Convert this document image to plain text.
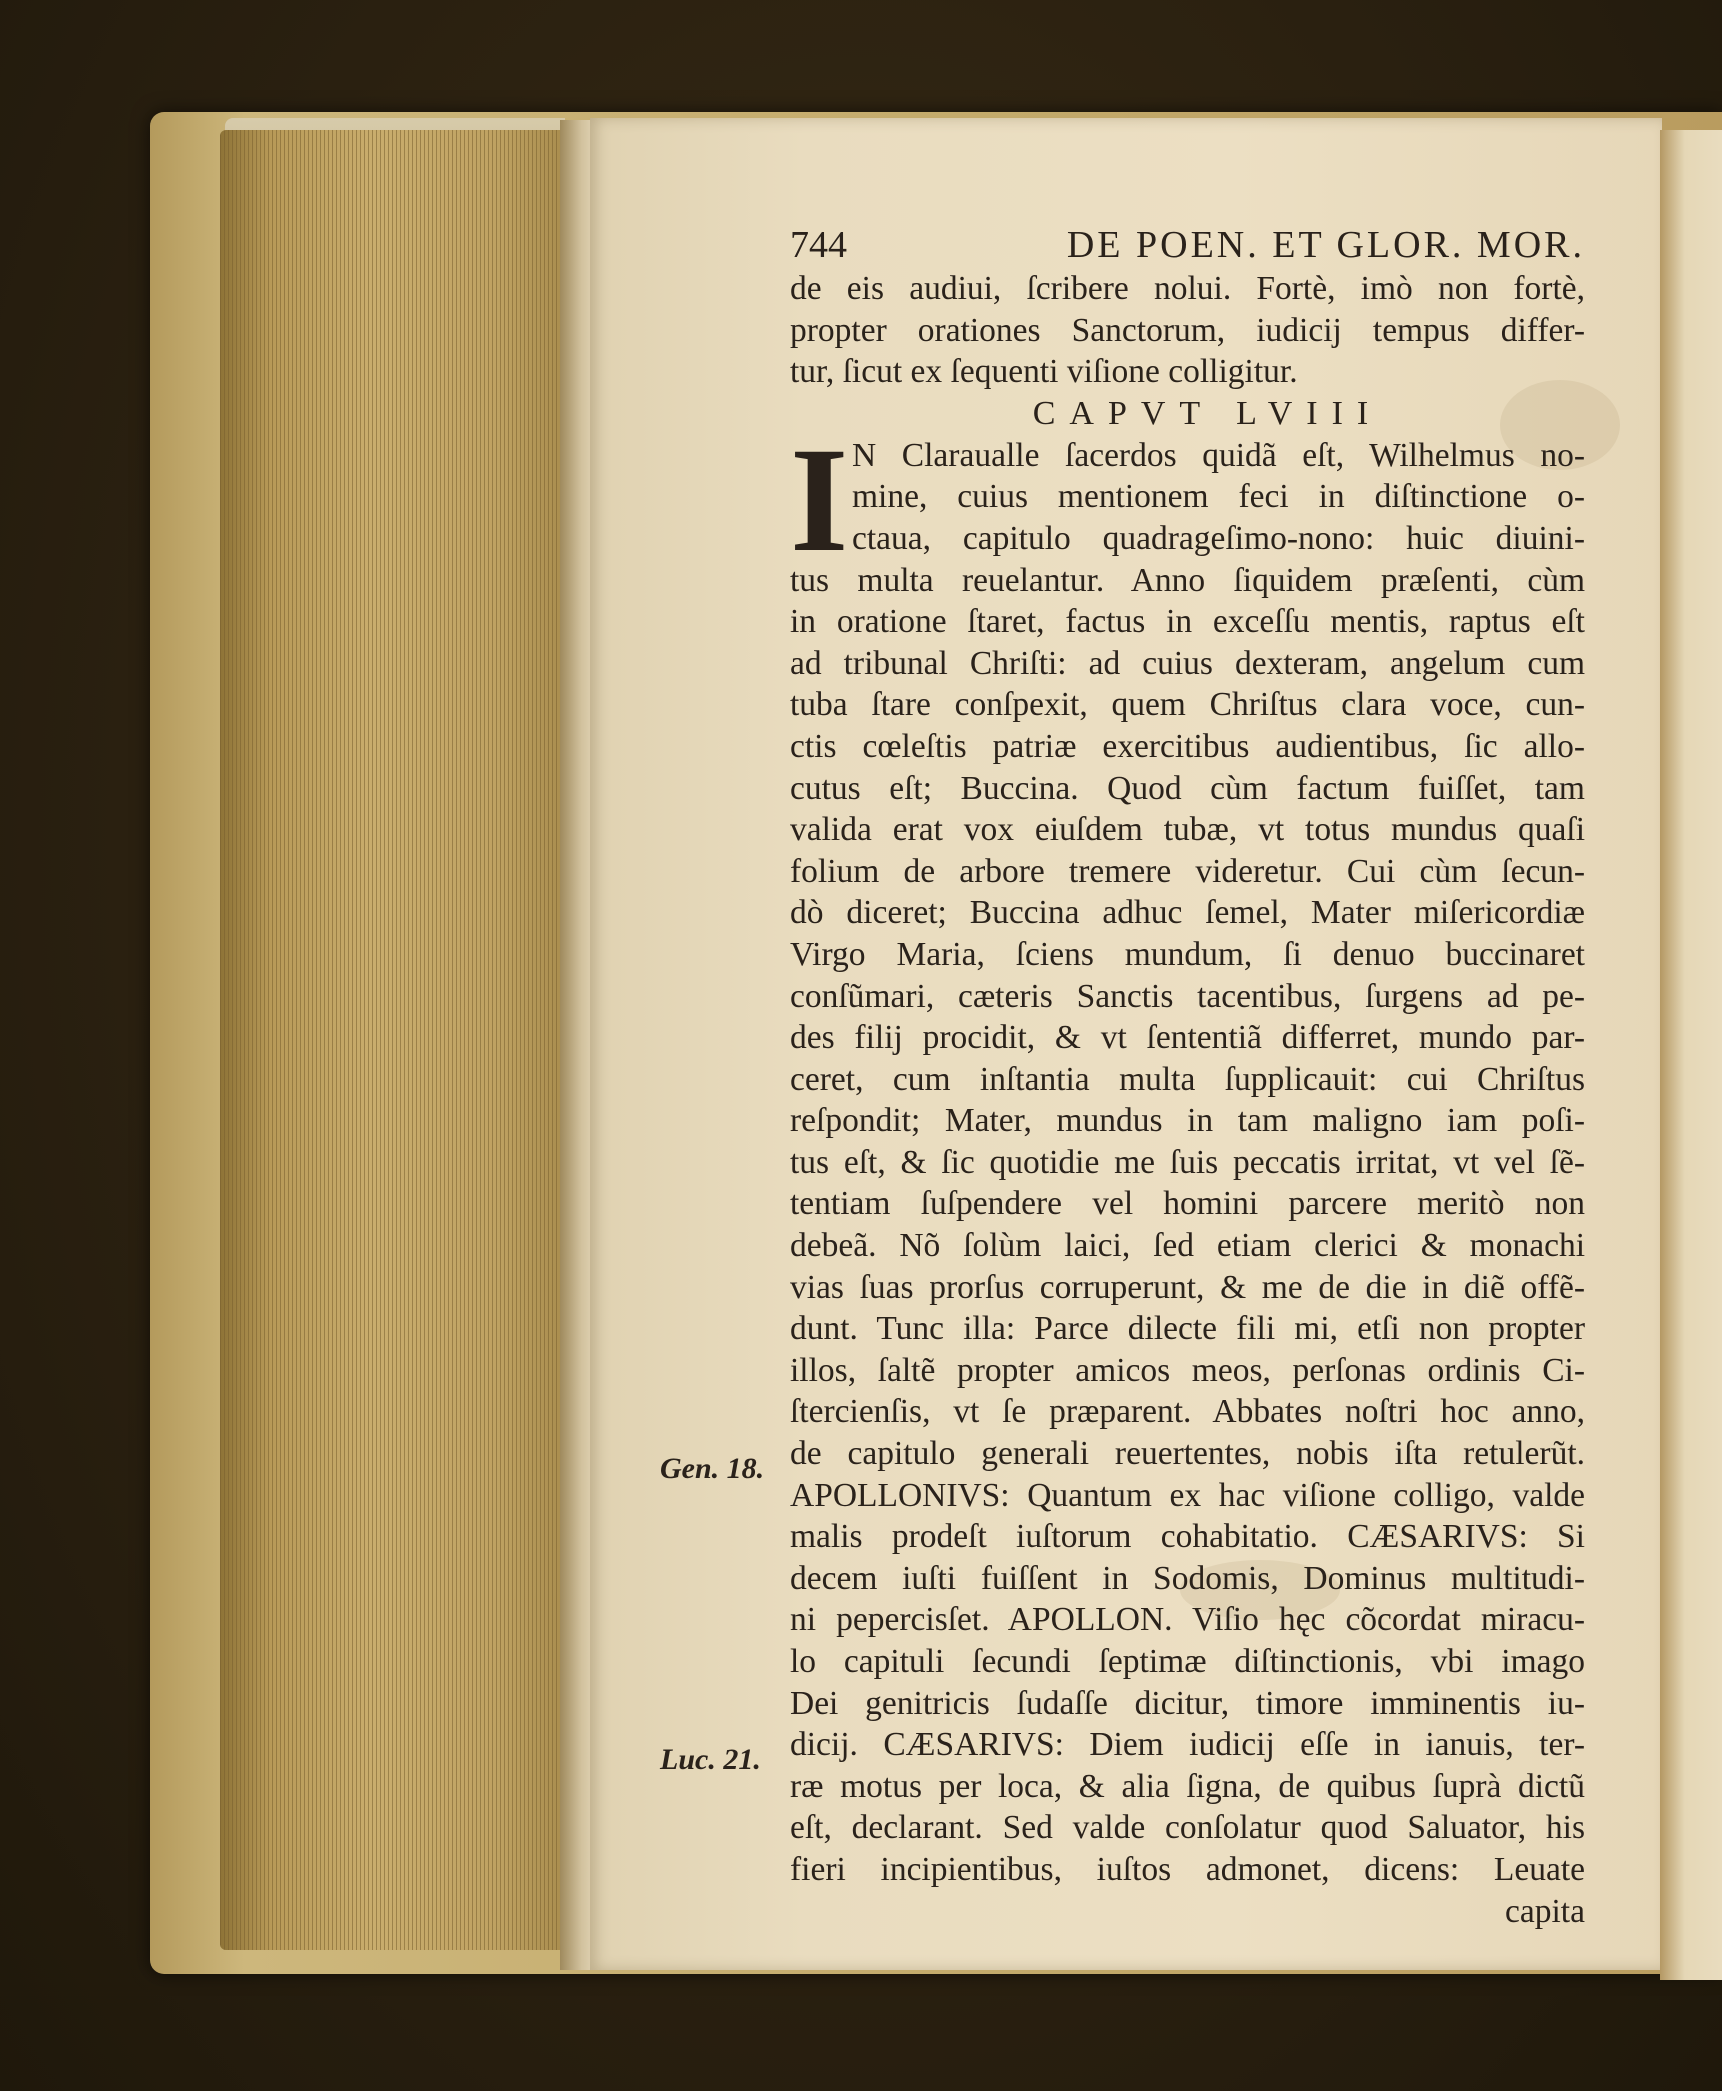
744	DE POEN. ET GLOR. MOR.
de eis audiui, ſcribere nolui. Fortè, imò non fortè,
propter orationes Sanctorum, iudicij tempus differ-
tur, ſicut ex ſequenti viſione colligitur.
CAPVT LVIII
I N Claraualle ſacerdos quidã eſt, Wilhelmus no-
mine, cuius mentionem feci in diſtinctione o-
ctaua, capitulo quadrageſimo-nono: huic diuini-
tus multa reuelantur. Anno ſiquidem præſenti, cùm
in oratione ſtaret, factus in exceſſu mentis, raptus eſt
ad tribunal Chriſti: ad cuius dexteram, angelum cum
tuba ſtare conſpexit, quem Chriſtus clara voce, cun-
ctis cœleſtis patriæ exercitibus audientibus, ſic allo-
cutus eſt; Buccina. Quod cùm factum fuiſſet, tam
valida erat vox eiuſdem tubæ, vt totus mundus quaſi
folium de arbore tremere videretur. Cui cùm ſecun-
dò diceret; Buccina adhuc ſemel, Mater miſericordiæ
Virgo Maria, ſciens mundum, ſi denuo buccinaret
conſũmari, cæteris Sanctis tacentibus, ſurgens ad pe-
des filij procidit, & vt ſententiã differret, mundo par-
ceret, cum inſtantia multa ſupplicauit: cui Chriſtus
reſpondit; Mater, mundus in tam maligno iam poſi-
tus eſt, & ſic quotidie me ſuis peccatis irritat, vt vel ſẽ-
tentiam ſuſpendere vel homini parcere meritò non
debeã. Nõ ſolùm laici, ſed etiam clerici & monachi
vias ſuas prorſus corruperunt, & me de die in diẽ offẽ-
dunt. Tunc illa: Parce dilecte fili mi, etſi non propter
illos, ſaltẽ propter amicos meos, perſonas ordinis Ci-
ſtercienſis, vt ſe præparent. Abbates noſtri hoc anno,
de capitulo generali reuertentes, nobis iſta retulerũt.
APOLLONIVS: Quantum ex hac viſione colligo, valde
malis prodeſt iuſtorum cohabitatio. CÆSARIVS: Si
decem iuſti fuiſſent in Sodomis, Dominus multitudi-
ni pepercisſet. APOLLON. Viſio hęc cõcordat miracu-
lo capituli ſecundi ſeptimæ diſtinctionis, vbi imago
Dei genitricis ſudaſſe dicitur, timore imminentis iu-
dicij. CÆSARIVS: Diem iudicij eſſe in ianuis, ter-
ræ motus per loca, & alia ſigna, de quibus ſuprà dictũ
eſt, declarant. Sed valde conſolatur quod Saluator, his
fieri incipientibus, iuſtos admonet, dicens: Leuate
capita
Gen. 18.
Luc. 21.
